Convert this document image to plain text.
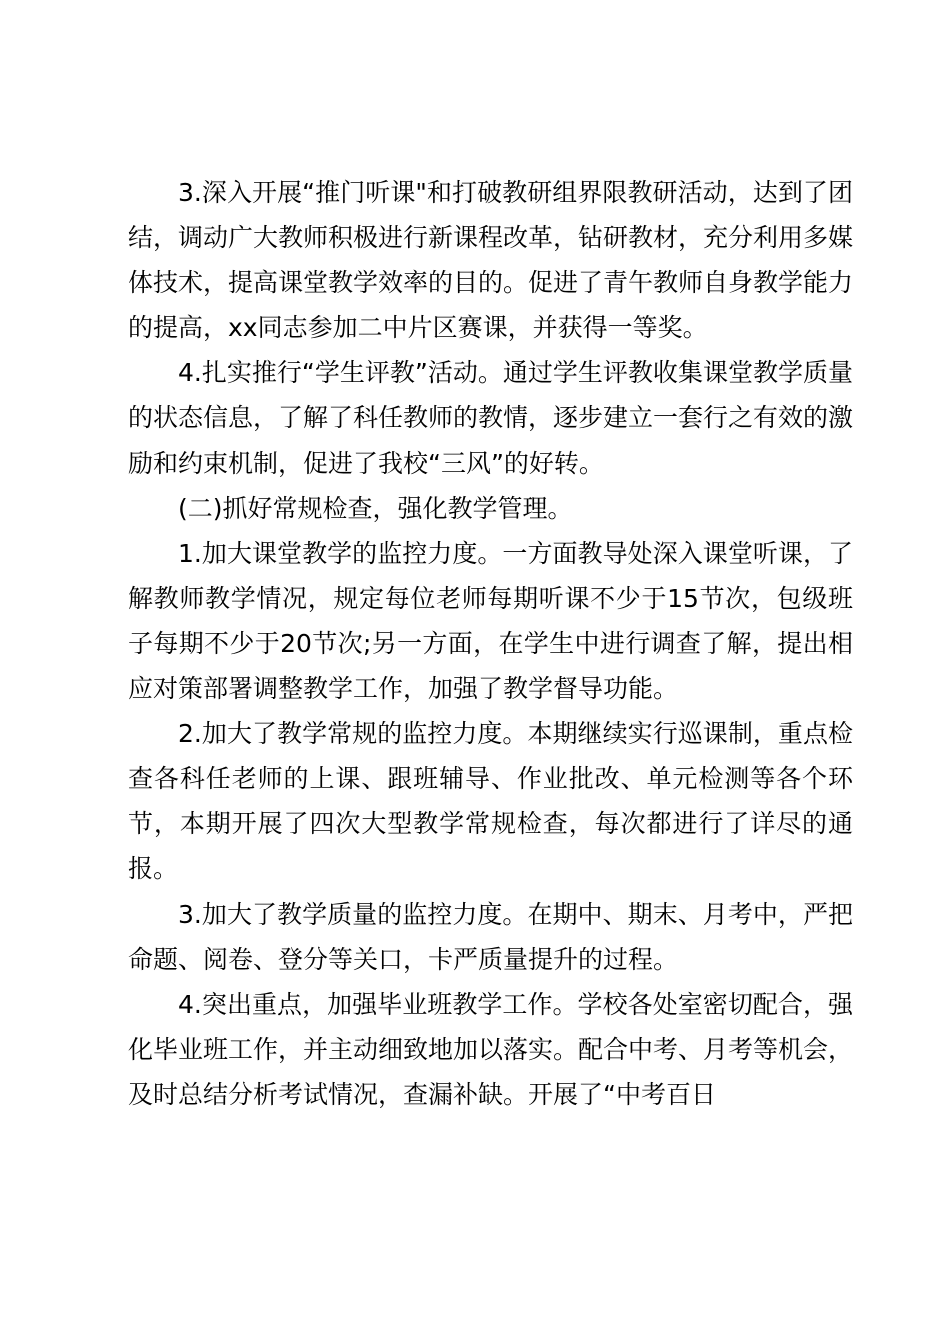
3.深入开展“推门听课"和打破教研组界限教研活动，达到了团结，调动广大教师积极进行新课程改革，钻研教材，充分利用多媒体技术，提高课堂教学效率的目的。促进了青午教师自身教学能力的提高，xx同志参加二中片区赛课，并获得一等奖。

4.扎实推行“学生评教”活动。通过学生评教收集课堂教学质量的状态信息，了解了科任教师的教情，逐步建立一套行之有效的激励和约束机制，促进了我校“三风”的好转。

(二)抓好常规检查，强化教学管理。

1.加大课堂教学的监控力度。一方面教导处深入课堂听课，了解教师教学情况，规定每位老师每期听课不少于15节次，包级班子每期不少于20节次;另一方面，在学生中进行调查了解，提出相应对策部署调整教学工作，加强了教学督导功能。

2.加大了教学常规的监控力度。本期继续实行巡课制，重点检查各科任老师的上课、跟班辅导、作业批改、单元检测等各个环节，本期开展了四次大型教学常规检查，每次都进行了详尽的通报。

3.加大了教学质量的监控力度。在期中、期末、月考中，严把命题、阅卷、登分等关口，卡严质量提升的过程。

4.突出重点，加强毕业班教学工作。学校各处室密切配合，强化毕业班工作，并主动细致地加以落实。配合中考、月考等机会，及时总结分析考试情况，查漏补缺。开展了“中考百日
